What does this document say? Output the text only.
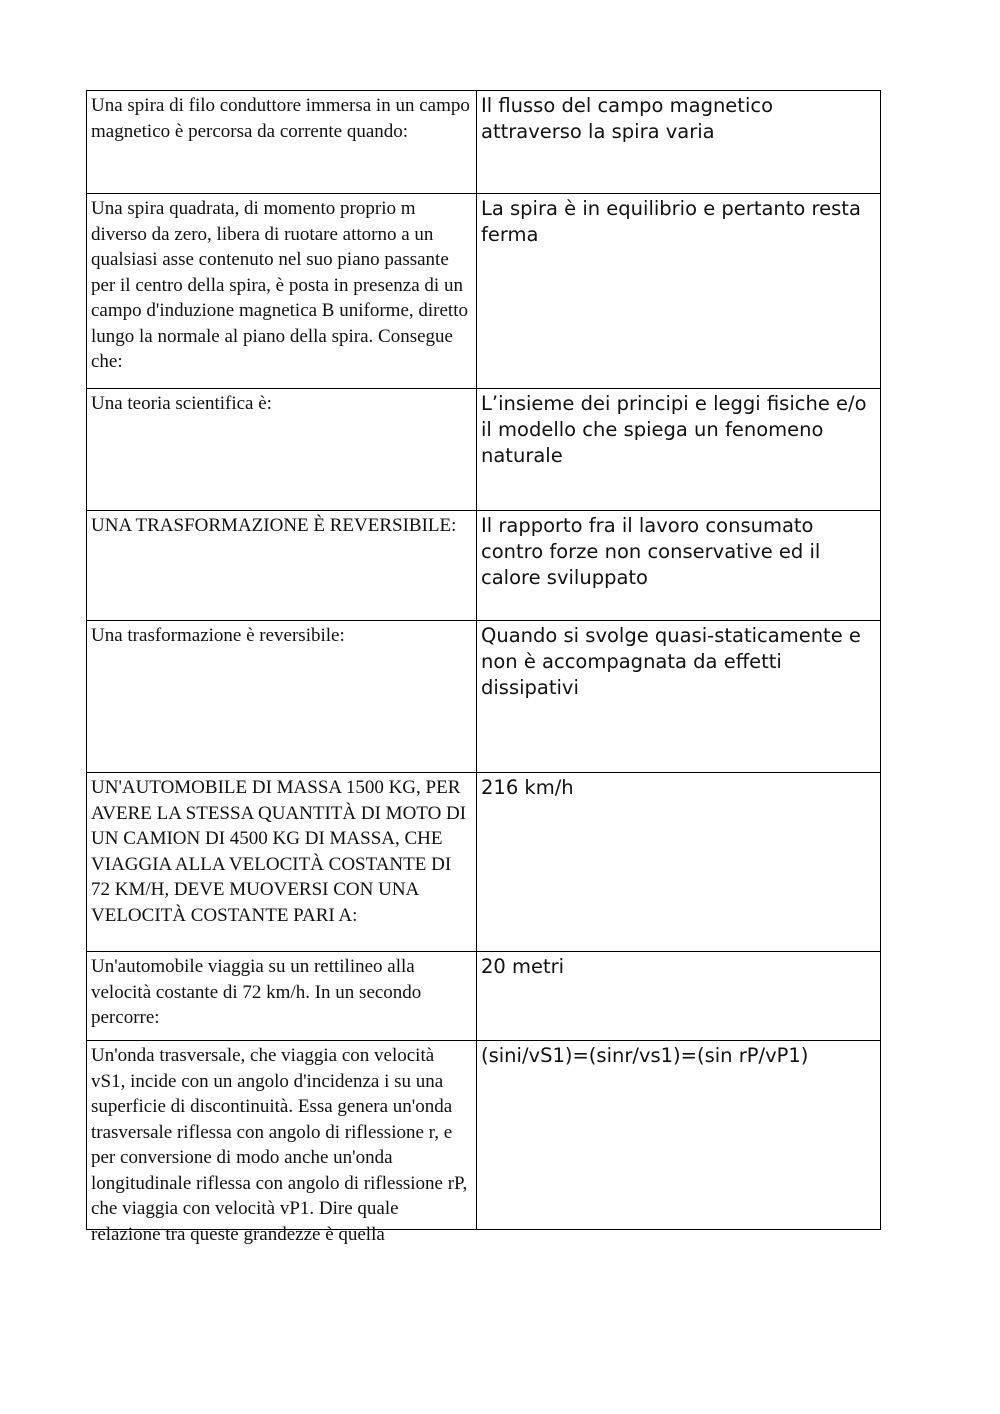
Una spira di filo conduttore immersa in un campo magnetico è percorsa da corrente quando:	Il flusso del campo magnetico attraverso la spira varia
Una spira quadrata, di momento proprio m diverso da zero, libera di ruotare attorno a un qualsiasi asse contenuto nel suo piano passante per il centro della spira, è posta in presenza di un campo d'induzione magnetica B uniforme, diretto lungo la normale al piano della spira. Consegue che:	La spira è in equilibrio e pertanto resta ferma
Una teoria scientifica è:	L’insieme dei principi e leggi fisiche e/o il modello che spiega un fenomeno naturale
UNA TRASFORMAZIONE È REVERSIBILE:	Il rapporto fra il lavoro consumato contro forze non conservative ed il calore sviluppato
Una trasformazione è reversibile:	Quando si svolge quasi-staticamente e non è accompagnata da effetti dissipativi
UN'AUTOMOBILE DI MASSA 1500 KG, PER AVERE LA STESSA QUANTITÀ DI MOTO DI UN CAMION DI 4500 KG DI MASSA, CHE VIAGGIA ALLA VELOCITÀ COSTANTE DI 72 KM/H, DEVE MUOVERSI CON UNA VELOCITÀ COSTANTE PARI A:	216 km/h
Un'automobile viaggia su un rettilineo alla velocità costante di 72 km/h. In un secondo percorre:	20 metri

Un'onda trasversale, che viaggia con velocità vS1, incide con un angolo d'incidenza i su una superficie di discontinuità. Essa genera un'onda trasversale riflessa con angolo di riflessione r, e per conversione di modo anche un'onda longitudinale riflessa con angolo di riflessione rP, che viaggia con velocità vP1. Dire quale relazione tra queste grandezze è quella	(sini/vS1)=(sinr/vs1)=(sin rP/vP1)
